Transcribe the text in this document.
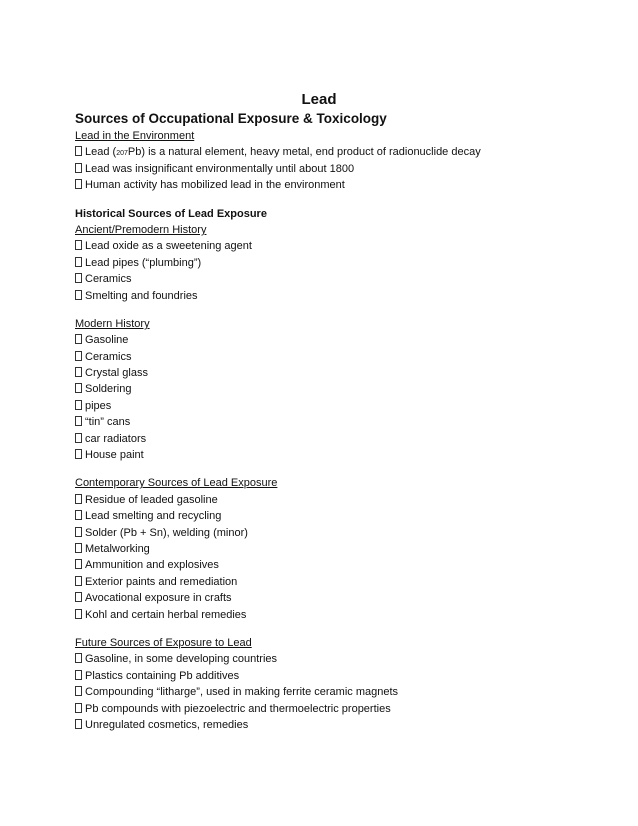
Lead
Sources of Occupational Exposure & Toxicology
Lead in the Environment
Lead (207Pb) is a natural element, heavy metal, end product of radionuclide decay
Lead was insignificant environmentally until about 1800
Human activity has mobilized lead in the environment
Historical Sources of Lead Exposure
Ancient/Premodern History
Lead oxide as a sweetening agent
Lead pipes (“plumbing”)
Ceramics
Smelting and foundries
Modern History
Gasoline
Ceramics
Crystal glass
Soldering
pipes
“tin” cans
car radiators
House paint
Contemporary Sources of Lead Exposure
Residue of leaded gasoline
Lead smelting and recycling
Solder (Pb + Sn), welding (minor)
Metalworking
Ammunition and explosives
Exterior paints and remediation
Avocational exposure in crafts
Kohl and certain herbal remedies
Future Sources of Exposure to Lead
Gasoline, in some developing countries
Plastics containing Pb additives
Compounding “litharge”, used in making ferrite ceramic magnets
Pb compounds with piezoelectric and thermoelectric properties
Unregulated cosmetics, remedies
